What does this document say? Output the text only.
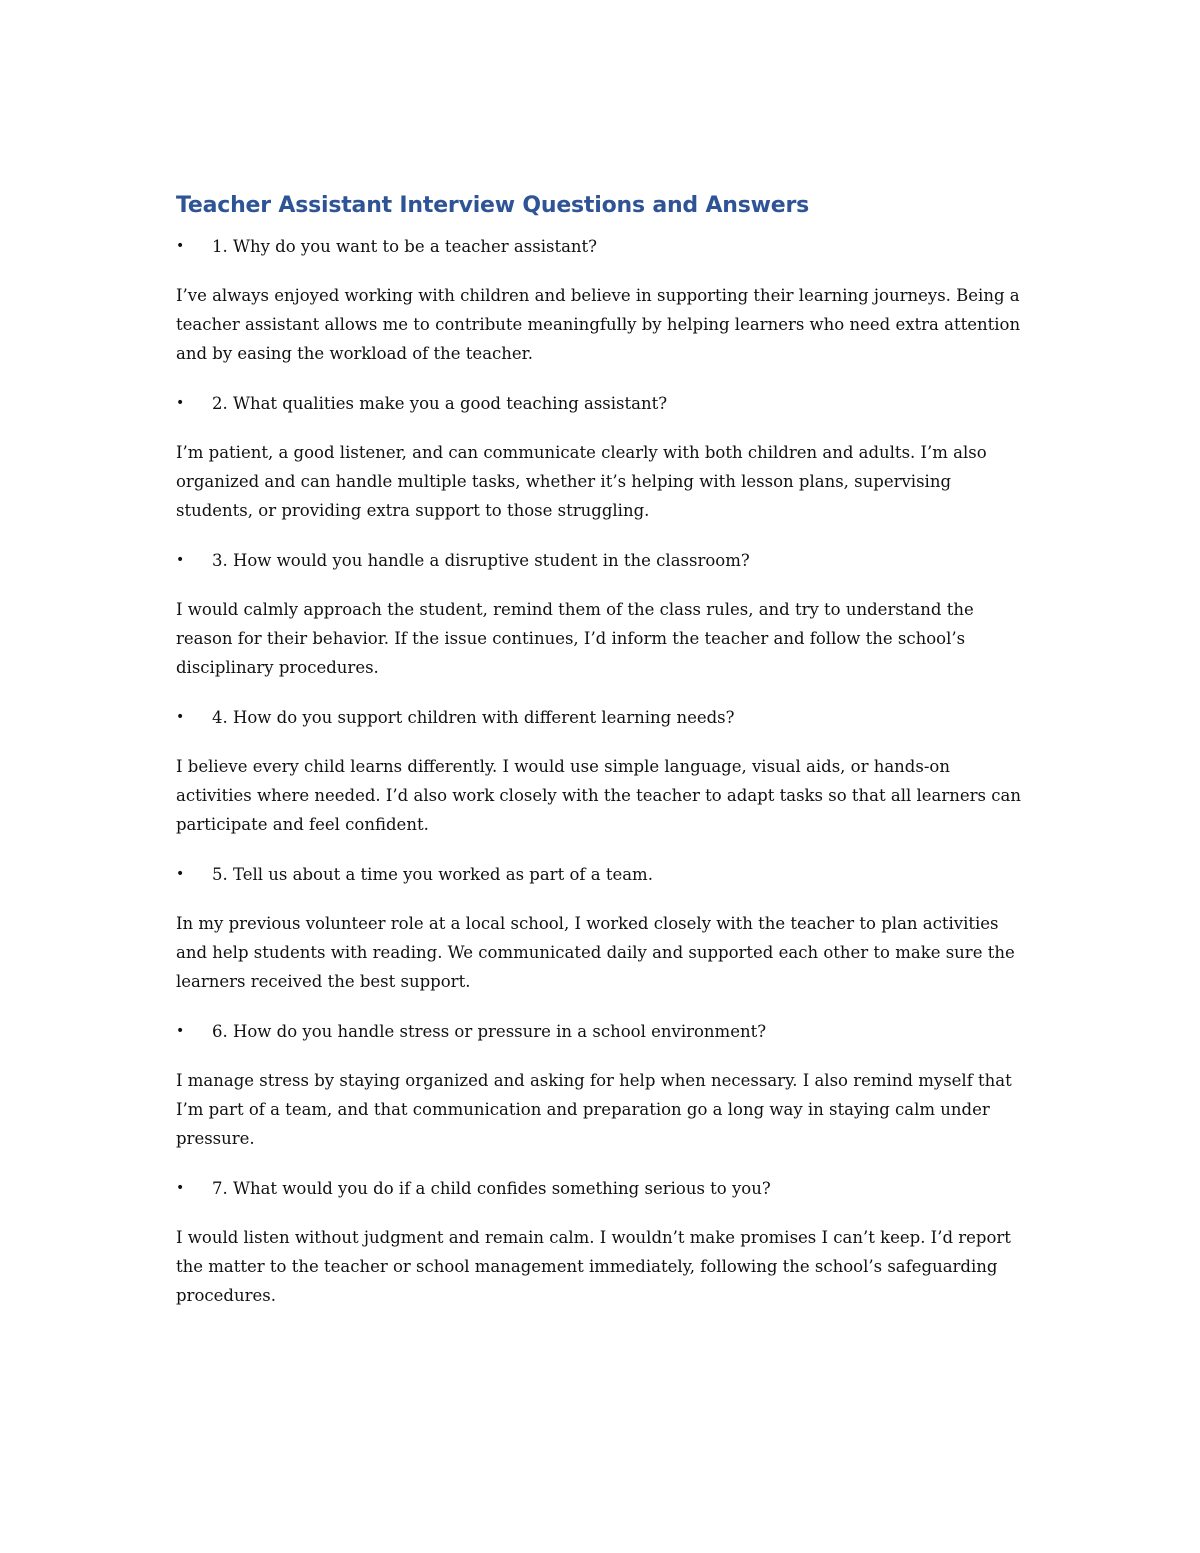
Teacher Assistant Interview Questions and Answers
• 1. Why do you want to be a teacher assistant?

I’ve always enjoyed working with children and believe in supporting their learning journeys. Being a teacher assistant allows me to contribute meaningfully by helping learners who need extra attention and by easing the workload of the teacher.

• 2. What qualities make you a good teaching assistant?

I’m patient, a good listener, and can communicate clearly with both children and adults. I’m also organized and can handle multiple tasks, whether it’s helping with lesson plans, supervising students, or providing extra support to those struggling.

• 3. How would you handle a disruptive student in the classroom?

I would calmly approach the student, remind them of the class rules, and try to understand the reason for their behavior. If the issue continues, I’d inform the teacher and follow the school’s disciplinary procedures.

• 4. How do you support children with different learning needs?

I believe every child learns differently. I would use simple language, visual aids, or hands-on activities where needed. I’d also work closely with the teacher to adapt tasks so that all learners can participate and feel confident.

• 5. Tell us about a time you worked as part of a team.

In my previous volunteer role at a local school, I worked closely with the teacher to plan activities and help students with reading. We communicated daily and supported each other to make sure the learners received the best support.

• 6. How do you handle stress or pressure in a school environment?

I manage stress by staying organized and asking for help when necessary. I also remind myself that I’m part of a team, and that communication and preparation go a long way in staying calm under pressure.

• 7. What would you do if a child confides something serious to you?

I would listen without judgment and remain calm. I wouldn’t make promises I can’t keep. I’d report the matter to the teacher or school management immediately, following the school’s safeguarding procedures.
